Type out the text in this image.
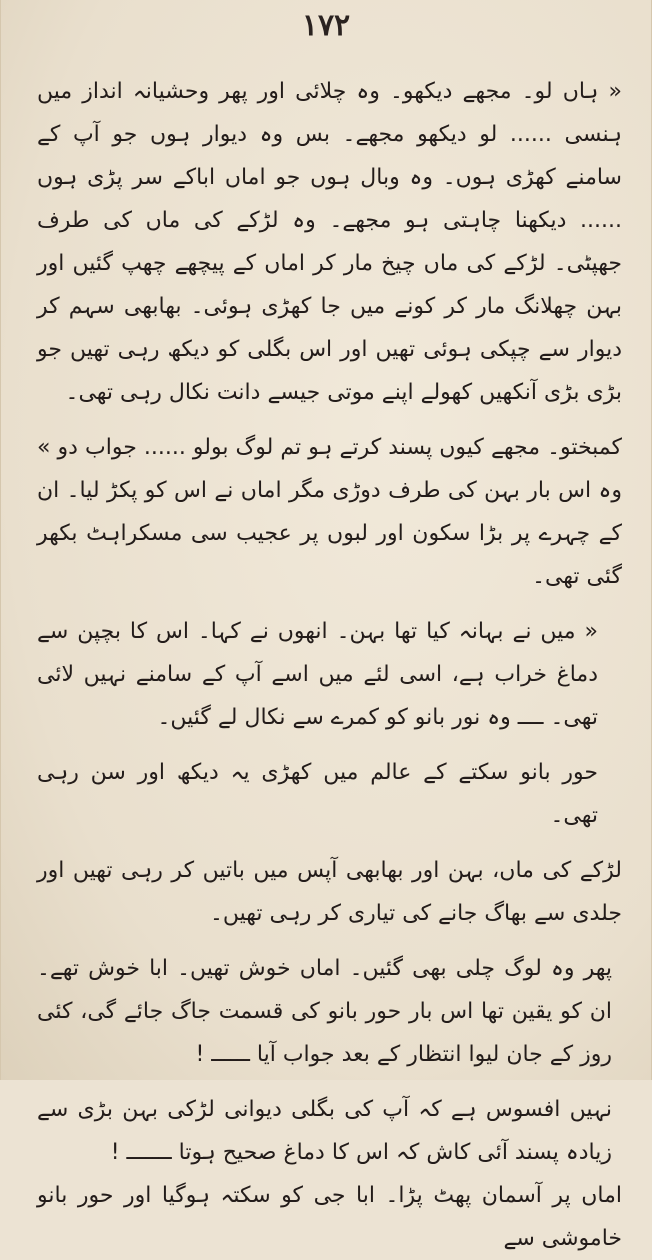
۱۷۲

« ہاں لو۔ مجھے دیکھو۔ وہ چلائی اور پھر وحشیانہ انداز میں ہنسی ...... لو دیکھو مجھے۔ بس وہ دیوار ہوں جو آپ کے سامنے کھڑی ہوں۔ وہ وبال ہوں جو اماں اباکے سر پڑی ہوں ...... دیکھنا چاہتی ہو مجھے۔ وہ لڑکے کی ماں کی طرف جھپٹی۔ لڑکے کی ماں چیخ مار کر اماں کے پیچھے چھپ گئیں اور بہن چھلانگ مار کر کونے میں جا کھڑی ہوئی۔ بھابھی سہم کر دیوار سے چپکی ہوئی تھیں اور اس بگلی کو دیکھ رہی تھیں جو بڑی بڑی آنکھیں کھولے اپنے موتی جیسے دانت نکال رہی تھی۔

کمبختو۔ مجھے کیوں پسند کرتے ہو تم لوگ بولو ...... جواب دو » وہ اس بار بہن کی طرف دوڑی مگر اماں نے اس کو پکڑ لیا۔ ان کے چہرے پر بڑا سکون اور لبوں پر عجیب سی مسکراہٹ بکھر گئی تھی۔

« میں نے بہانہ کیا تھا بہن۔ انھوں نے کہا۔ اس کا بچپن سے دماغ خراب ہے، اسی لئے میں اسے آپ کے سامنے نہیں لائی تھی۔ ــــ وہ نور بانو کو کمرے سے نکال لے گئیں۔

حور بانو سکتے کے عالم میں کھڑی یہ دیکھ اور سن رہی تھی۔

لڑکے کی ماں، بہن اور بھابھی آپس میں باتیں کر رہی تھیں اور جلدی سے بھاگ جانے کی تیاری کر رہی تھیں۔

پھر وہ لوگ چلی بھی گئیں۔ اماں خوش تھیں۔ ابا خوش تھے۔ ان کو یقین تھا اس بار حور بانو کی قسمت جاگ جائے گی، کئی روز کے جان لیوا انتظار کے بعد جواب آیا ــــــ !

نہیں افسوس ہے کہ آپ کی بگلی دیوانی لڑکی بہن بڑی سے زیادہ پسند آئی کاش کہ اس کا دماغ صحیح ہوتا ـــــــ !

اماں پر آسمان پھٹ پڑا۔ ابا جی کو سکتہ ہوگیا اور حور بانو خاموشی سے
